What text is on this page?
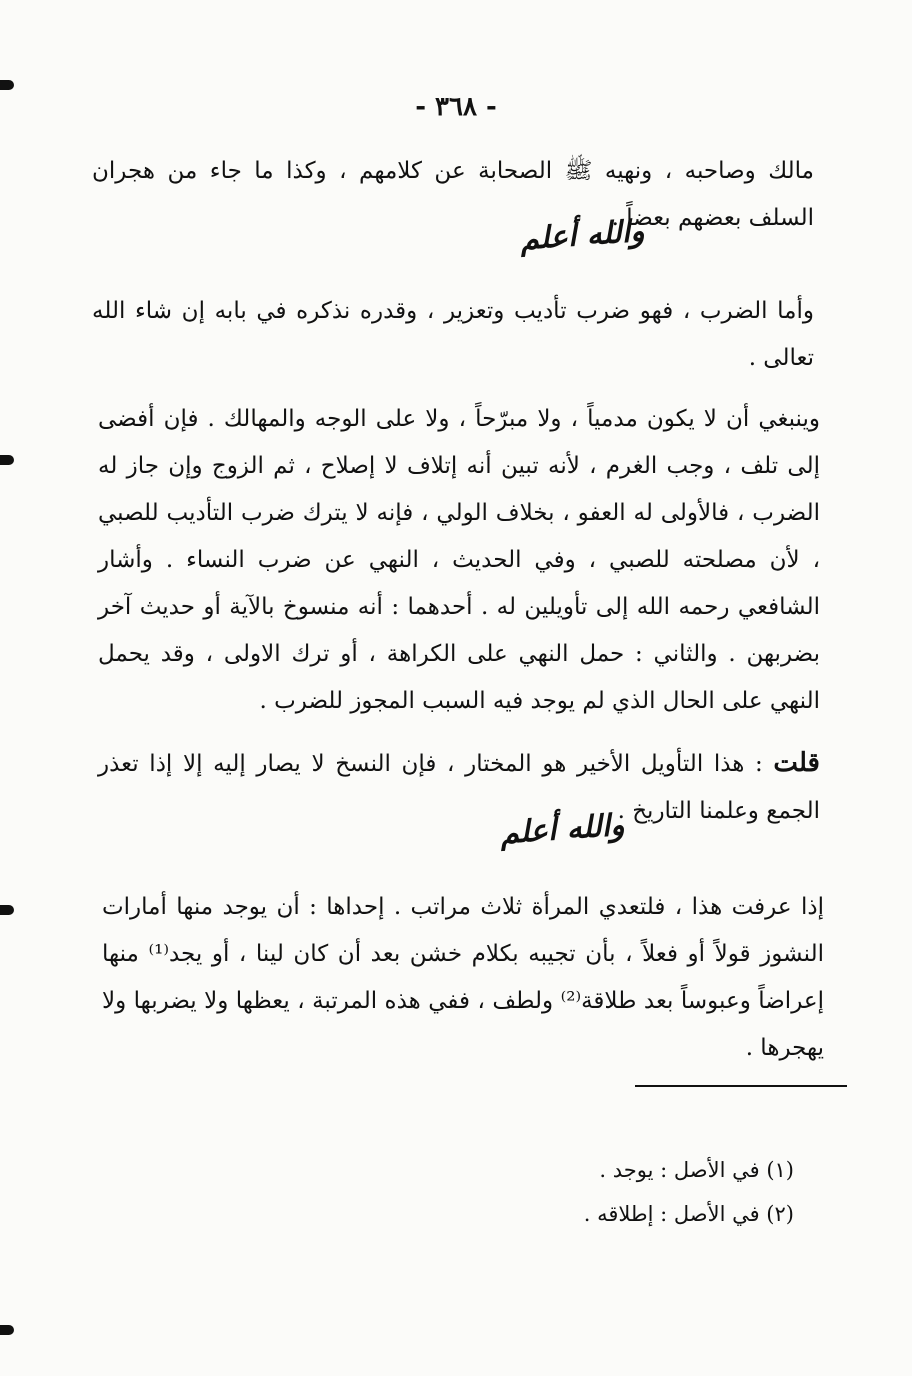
- ٣٦٨ -

مالك وصاحبه ، ونهيه ﷺ الصحابة عن كلامهم ، وكذا ما جاء من هجران السلف بعضهم بعضاً .

والله أعلم

وأما الضرب ، فهو ضرب تأديب وتعزير ، وقدره نذكره في بابه إن شاء الله تعالى .

وينبغي أن لا يكون مدمياً ، ولا مبرّحاً ، ولا على الوجه والمهالك . فإن أفضى إلى تلف ، وجب الغرم ، لأنه تبين أنه إتلاف لا إصلاح ، ثم الزوج وإن جاز له الضرب ، فالأولى له العفو ، بخلاف الولي ، فإنه لا يترك ضرب التأديب للصبي ، لأن مصلحته للصبي ، وفي الحديث ، النهي عن ضرب النساء . وأشار الشافعي رحمه الله إلى تأويلين له . أحدهما : أنه منسوخ بالآية أو حديث آخر بضربهن . والثاني : حمل النهي على الكراهة ، أو ترك الاولى ، وقد يحمل النهي على الحال الذي لم يوجد فيه السبب المجوز للضرب .

قلت : هذا التأويل الأخير هو المختار ، فإن النسخ لا يصار إليه إلا إذا تعذر الجمع وعلمنا التاريخ .

والله أعلم

إذا عرفت هذا ، فلتعدي المرأة ثلاث مراتب . إحداها : أن يوجد منها أمارات النشوز قولاً أو فعلاً ، بأن تجيبه بكلام خشن بعد أن كان لينا ، أو يجد⁽¹⁾ منها إعراضاً وعبوساً بعد طلاقة⁽²⁾ ولطف ، ففي هذه المرتبة ، يعظها ولا يضربها ولا يهجرها .

(١) في الأصل : يوجد .
(٢) في الأصل : إطلاقه .
